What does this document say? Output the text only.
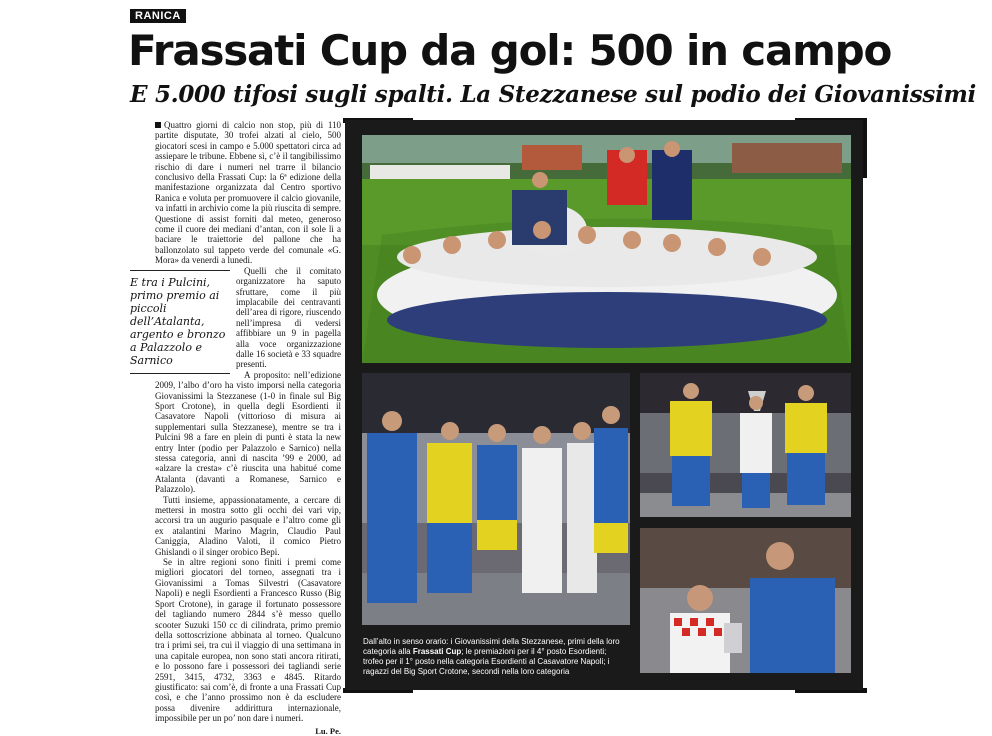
RANICA
Frassati Cup da gol: 500 in campo
E 5.000 tifosi sugli spalti. La Stezzanese sul podio dei Giovanissimi

Quattro giorni di calcio non stop, più di 110 partite disputate, 30 trofei alzati al cielo, 500 giocatori scesi in campo e 5.000 spettatori circa ad assiepare le tribune. Ebbene sì, c’è il tangibilissimo rischio di dare i numeri nel trarre il bilancio conclusivo della Frassati Cup: la 6ª edizione della manifestazione organizzata dal Centro sportivo Ranica e voluta per promuovere il calcio giovanile, va infatti in archivio come la più riuscita di sempre. Questione di assist forniti dal meteo, generoso come il cuore dei mediani d’antan, con il sole lì a baciare le traiettorie del pallone che ha ballonzolato sul tappeto verde del comunale «G. Mora» da venerdì a lunedì.

E tra i Pulcini, primo premio ai piccoli dell’Atalanta, argento e bronzo a Palazzolo e Sarnico

Quelli che il comitato organizzatore ha saputo sfruttare, come il più implacabile dei centravanti dell’area di rigore, riuscendo nell’impresa di vedersi affibbiare un 9 in pagella alla voce organizzazione dalle 16 società e 33 squadre presenti.

A proposito: nell’edizione 2009, l’albo d’oro ha visto imporsi nella categoria Giovanissimi la Stezzanese (1-0 in finale sul Big Sport Crotone), in quella degli Esordienti il Casavatore Napoli (vittorioso di misura ai supplementari sulla Stezzanese), mentre se tra i Pulcini 98 a fare en plein di punti è stata la new entry Inter (podio per Palazzolo e Sarnico) nella stessa categoria, anni di nascita ’99 e 2000, ad «alzare la cresta» c’è riuscita una habitué come Atalanta (davanti a Romanese, Sarnico e Palazzolo).

Tutti insieme, appassionatamente, a cercare di mettersi in mostra sotto gli occhi dei vari vip, accorsi tra un augurio pasquale e l’altro come gli ex atalantini Marino Magrin, Claudio Paul Caniggia, Aladino Valoti, il comico Pietro Ghislandi o il singer orobico Bepi.

Se in altre regioni sono finiti i premi come migliori giocatori del torneo, assegnati tra i Giovanissimi a Tomas Silvestri (Casavatore Napoli) e negli Esordienti a Francesco Russo (Big Sport Crotone), in garage il fortunato possessore del tagliando numero 2844 s’è messo quello scooter Suzuki 150 cc di cilindrata, primo premio della sottoscrizione abbinata al torneo. Qualcuno tra i primi sei, tra cui il viaggio di una settimana in una capitale europea, non sono stati ancora ritirati, e lo possono fare i possessori dei tagliandi serie 2591, 3415, 4732, 3363 e 4845. Ritardo giustificato: sai com’è, di fronte a una Frassati Cup così, e che l’anno prossimo non è da escludere possa divenire addirittura internazionale, impossibile per un po’ non dare i numeri.

Lu. Pe.
Dall’alto in senso orario: i Giovanissimi della Stezzanese, primi della loro categoria alla Frassati Cup; le premiazioni per il 4° posto Esordienti; trofeo per il 1° posto nella categoria Esordienti al Casavatore Napoli; i ragazzi del Big Sport Crotone, secondi nella loro categoria
